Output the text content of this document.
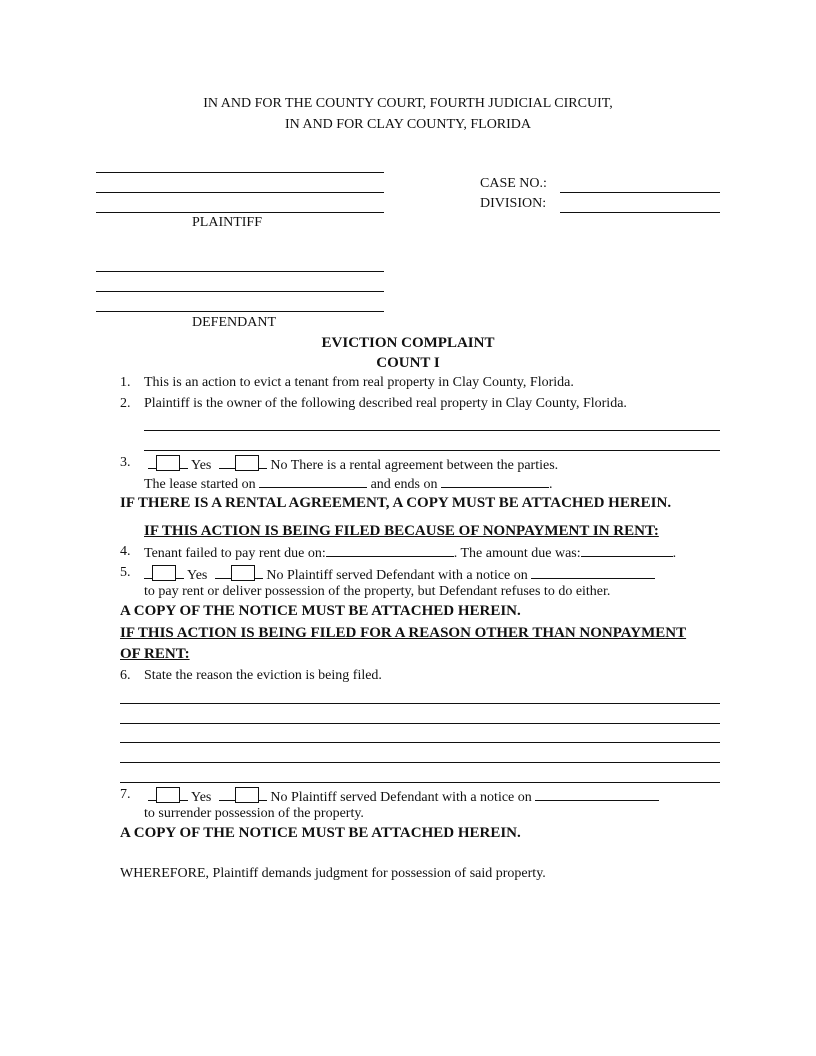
IN AND FOR THE COUNTY COURT, FOURTH JUDICIAL CIRCUIT,
IN AND FOR CLAY COUNTY, FLORIDA
PLAINTIFF
CASE NO.:
DIVISION:
DEFENDANT
EVICTION COMPLAINT
COUNT I
1. This is an action to evict a tenant from real property in Clay County, Florida.
2. Plaintiff is the owner of the following described real property in Clay County, Florida.
3.	Yes	No There is a rental agreement between the parties.
The lease started on	and ends on	.
IF THERE IS A RENTAL AGREEMENT, A COPY MUST BE ATTACHED HEREIN.
IF THIS ACTION IS BEING FILED BECAUSE OF NONPAYMENT IN RENT:
4. Tenant failed to pay rent due on:	. The amount due was:	.
5.	Yes	No Plaintiff served Defendant with a notice on
to pay rent or deliver possession of the property, but Defendant refuses to do either.
A COPY OF THE NOTICE MUST BE ATTACHED HEREIN.
IF THIS ACTION IS BEING FILED FOR A REASON OTHER THAN NONPAYMENT
OF RENT:
6. State the reason the eviction is being filed.
7.	Yes	No Plaintiff served Defendant with a notice on
to surrender possession of the property.
A COPY OF THE NOTICE MUST BE ATTACHED HEREIN.
WHEREFORE, Plaintiff demands judgment for possession of said property.
